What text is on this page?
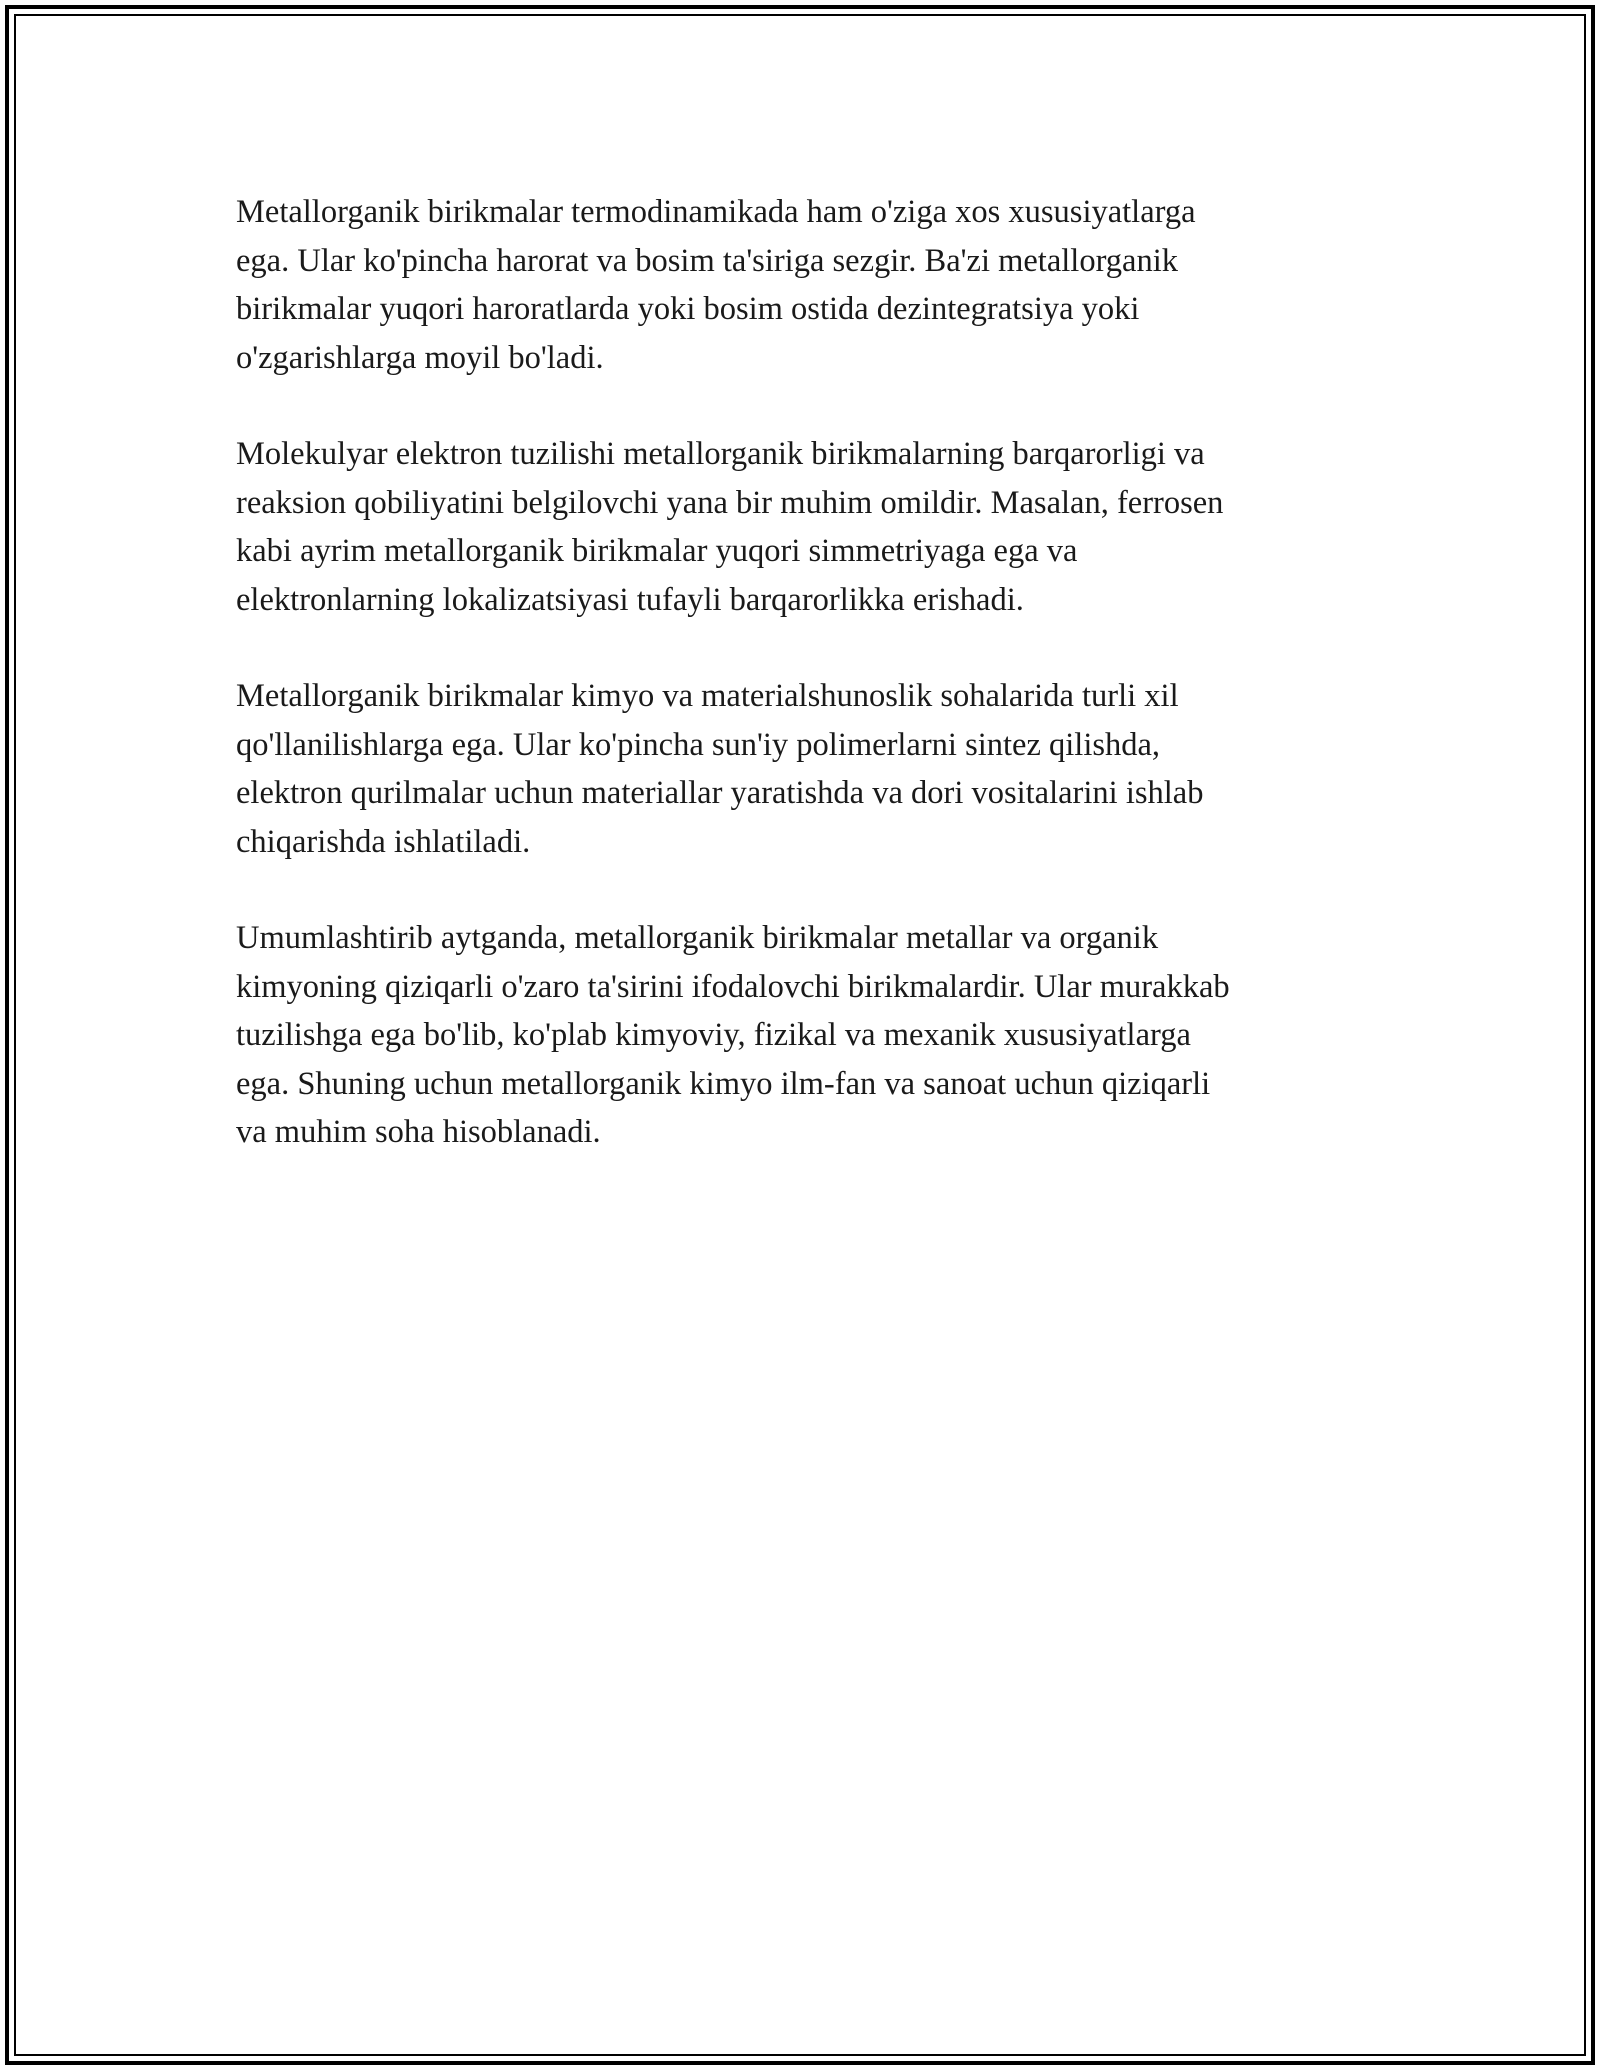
Metallorganik birikmalar termodinamikada ham o'ziga xos xususiyatlarga
ega. Ular ko'pincha harorat va bosim ta'siriga sezgir. Ba'zi metallorganik
birikmalar yuqori haroratlarda yoki bosim ostida dezintegratsiya yoki
o'zgarishlarga moyil bo'ladi.

Molekulyar elektron tuzilishi metallorganik birikmalarning barqarorligi va
reaksion qobiliyatini belgilovchi yana bir muhim omildir. Masalan, ferrosen
kabi ayrim metallorganik birikmalar yuqori simmetriyaga ega va
elektronlarning lokalizatsiyasi tufayli barqarorlikka erishadi.

Metallorganik birikmalar kimyo va materialshunoslik sohalarida turli xil
qo'llanilishlarga ega. Ular ko'pincha sun'iy polimerlarni sintez qilishda,
elektron qurilmalar uchun materiallar yaratishda va dori vositalarini ishlab
chiqarishda ishlatiladi.

Umumlashtirib aytganda, metallorganik birikmalar metallar va organik
kimyoning qiziqarli o'zaro ta'sirini ifodalovchi birikmalardir. Ular murakkab
tuzilishga ega bo'lib, ko'plab kimyoviy, fizikal va mexanik xususiyatlarga
ega. Shuning uchun metallorganik kimyo ilm-fan va sanoat uchun qiziqarli
va muhim soha hisoblanadi.
